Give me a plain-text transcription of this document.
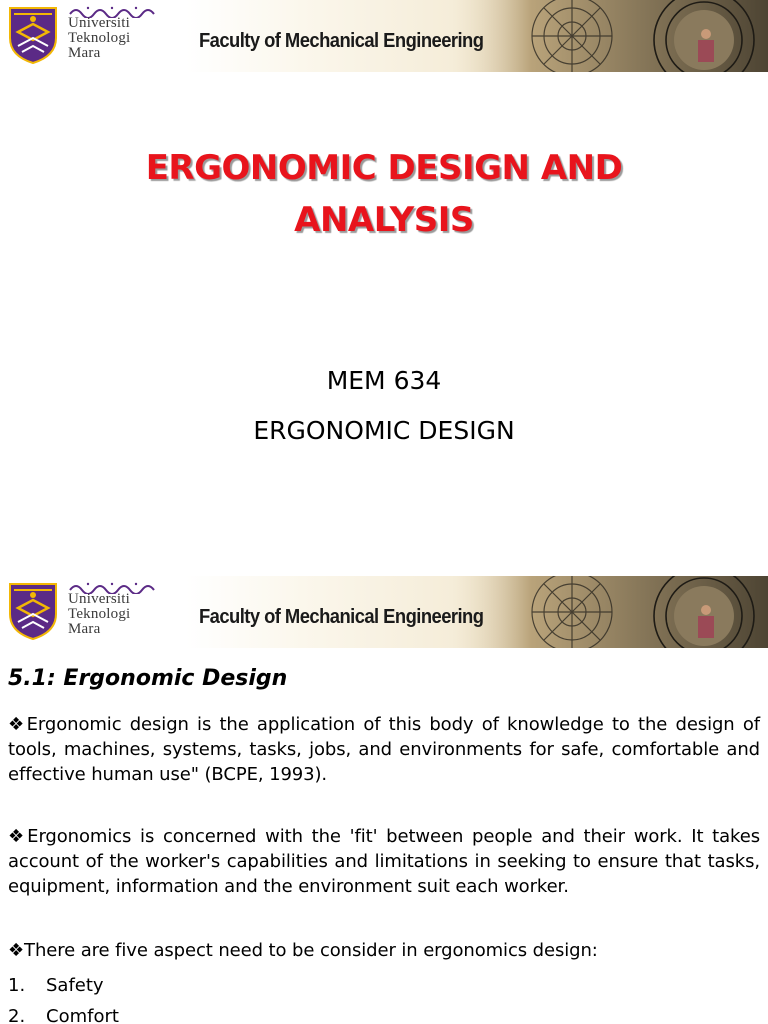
Universiti
Teknologi
Mara
Faculty of Mechanical Engineering
ERGONOMIC DESIGN AND
ANALYSIS
MEM 634
ERGONOMIC DESIGN
Universiti
Teknologi
Mara
Faculty of Mechanical Engineering
5.1: Ergonomic Design

❖Ergonomic design is the application of this body of knowledge to the design of tools, machines, systems, tasks, jobs, and environments for safe, comfortable and effective human use" (BCPE, 1993).

❖Ergonomics is concerned with the 'fit' between people and their work. It takes account of the worker's capabilities and limitations in seeking to ensure that tasks, equipment, information and the environment suit each worker.

❖There are five aspect need to be consider in ergonomics design:

1.	Safety
2.	Comfort
